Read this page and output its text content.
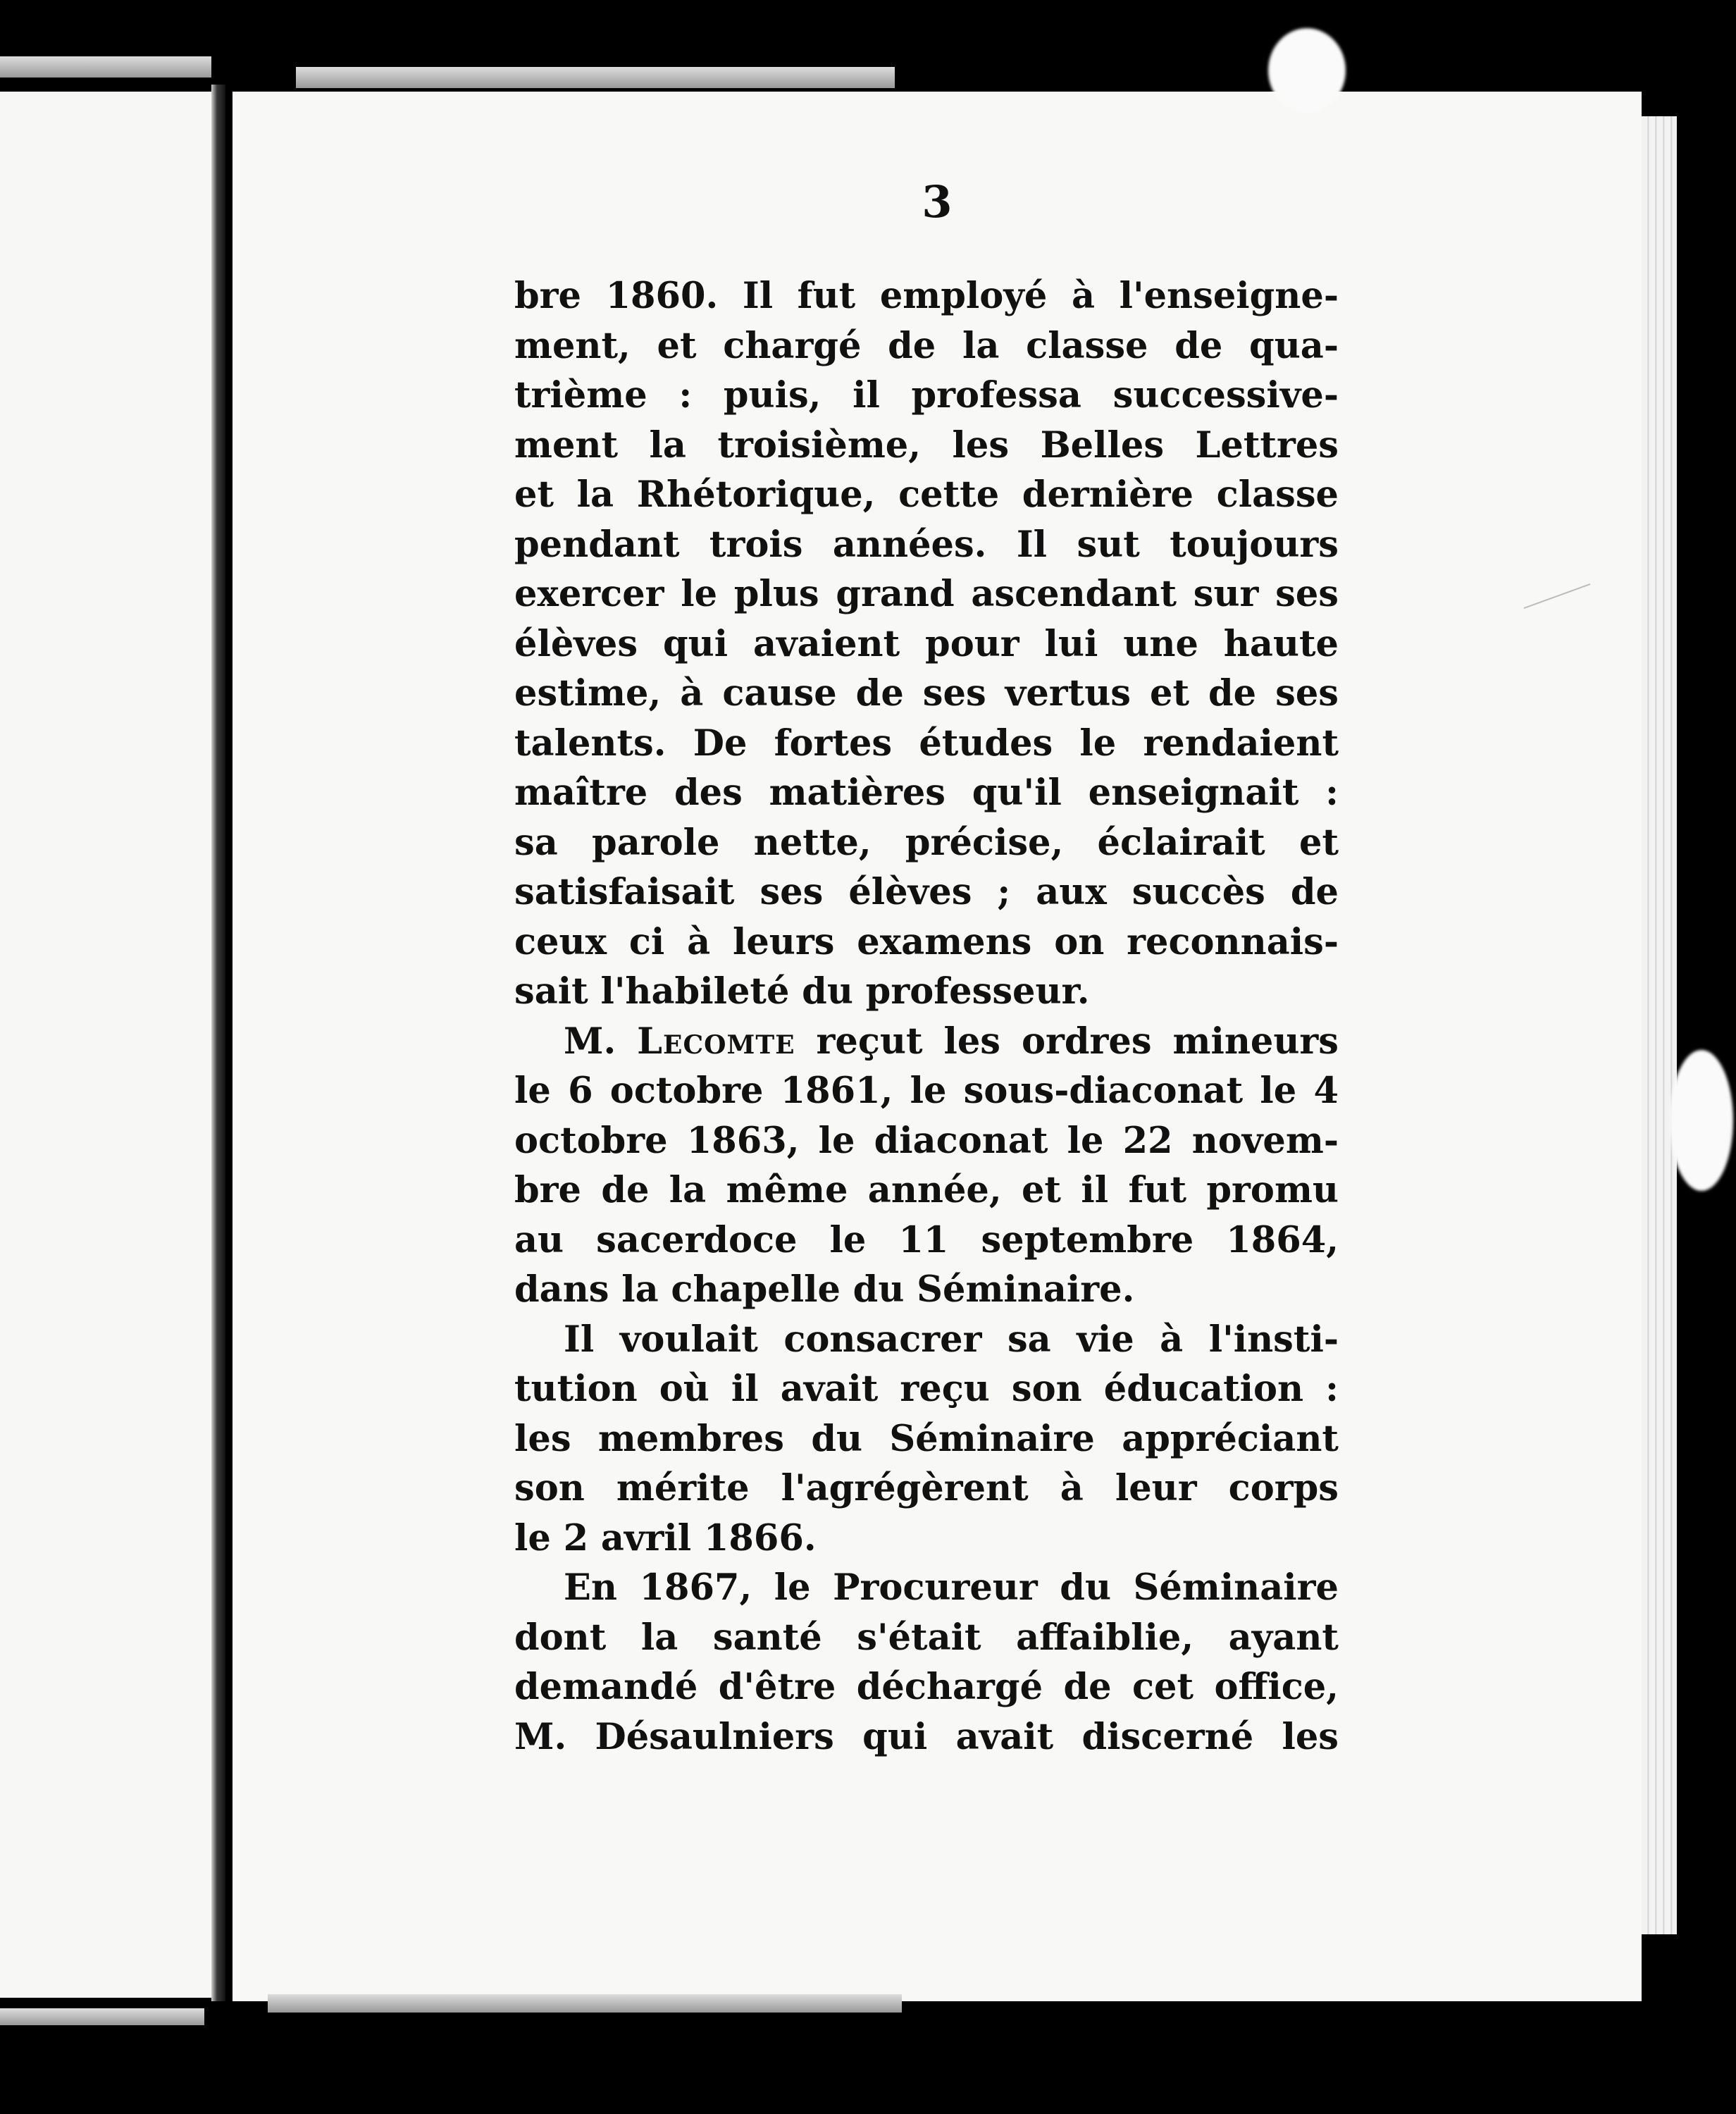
3
bre 1860. Il fut employé à l'enseigne-
ment, et chargé de la classe de qua-
trième : puis, il professa successive-
ment la troisième, les Belles Lettres
et la Rhétorique, cette dernière classe
pendant trois années. Il sut toujours
exercer le plus grand ascendant sur ses
élèves qui avaient pour lui une haute
estime, à cause de ses vertus et de ses
talents. De fortes études le rendaient
maître des matières qu'il enseignait :
sa parole nette, précise, éclairait et
satisfaisait ses élèves ; aux succès de
ceux ci à leurs examens on reconnais-
sait l'habileté du professeur.
M. Lecomte reçut les ordres mineurs
le 6 octobre 1861, le sous-diaconat le 4
octobre 1863, le diaconat le 22 novem-
bre de la même année, et il fut promu
au sacerdoce le 11 septembre 1864,
dans la chapelle du Séminaire.
Il voulait consacrer sa vie à l'insti-
tution où il avait reçu son éducation :
les membres du Séminaire appréciant
son mérite l'agrégèrent à leur corps
le 2 avril 1866.
En 1867, le Procureur du Séminaire
dont la santé s'était affaiblie, ayant
demandé d'être déchargé de cet office,
M. Désaulniers qui avait discerné les
